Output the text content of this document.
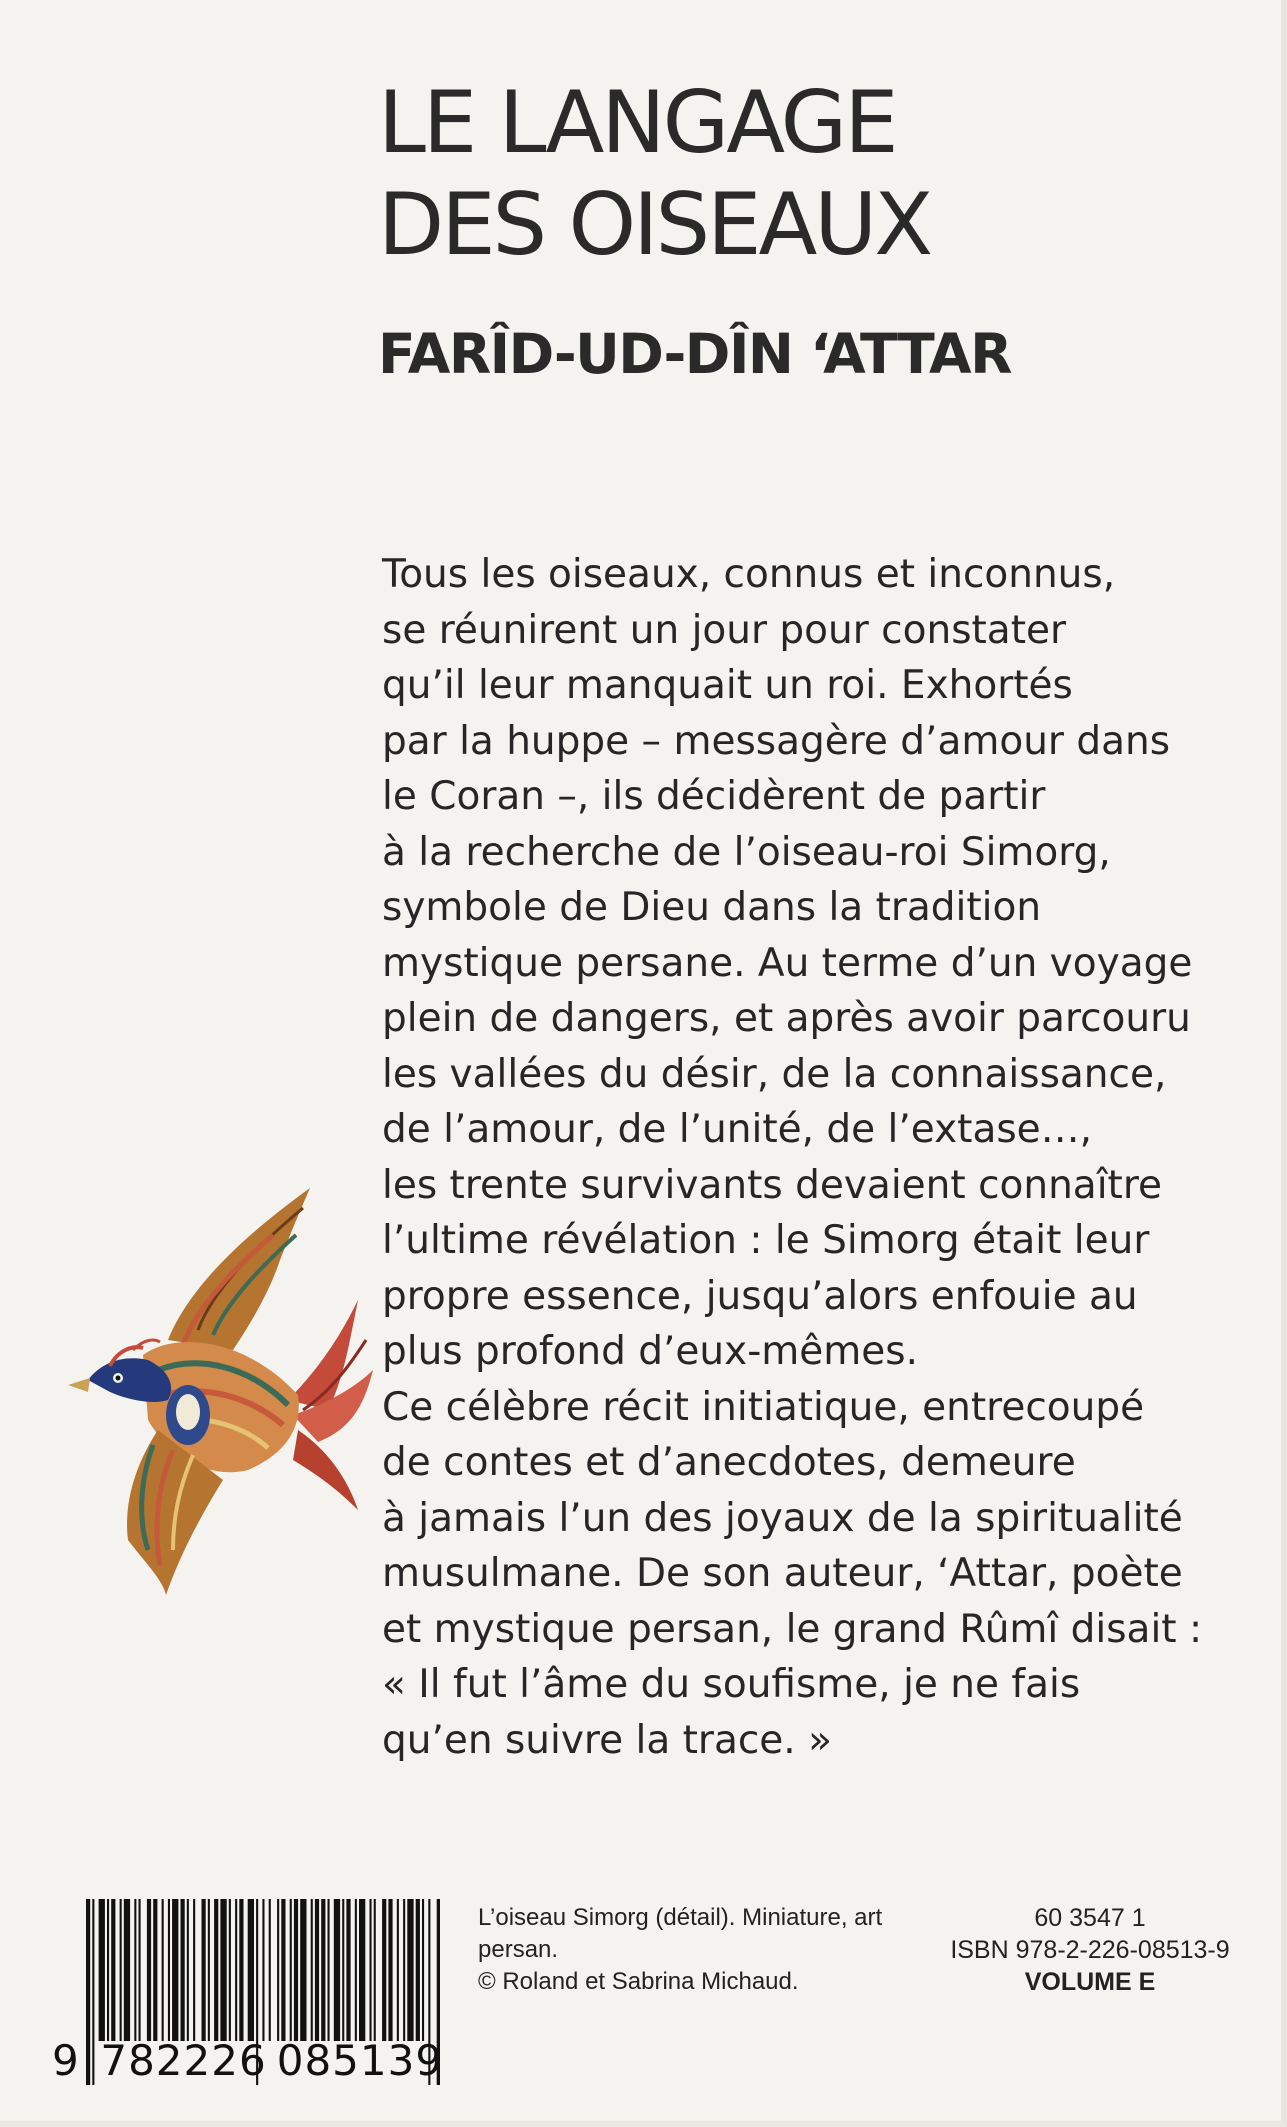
LE LANGAGE
DES OISEAUX
FARÎD-UD-DÎN ‘ATTAR
Tous les oiseaux, connus et inconnus,
se réunirent un jour pour constater
qu’il leur manquait un roi. Exhortés
par la huppe – messagère d’amour dans
le Coran –, ils décidèrent de partir
à la recherche de l’oiseau-roi Simorg,
symbole de Dieu dans la tradition
mystique persane. Au terme d’un voyage
plein de dangers, et après avoir parcouru
les vallées du désir, de la connaissance,
de l’amour, de l’unité, de l’extase…,
les trente survivants devaient connaître
l’ultime révélation : le Simorg était leur
propre essence, jusqu’alors enfouie au
plus profond d’eux-mêmes.
Ce célèbre récit initiatique, entrecoupé
de contes et d’anecdotes, demeure
à jamais l’un des joyaux de la spiritualité
musulmane. De son auteur, ‘Attar, poète
et mystique persan, le grand Rûmî disait :
« Il fut l’âme du soufisme, je ne fais
qu’en suivre la trace. »
9 782226 085139
L’oiseau Simorg (détail). Miniature, art
persan.
© Roland et Sabrina Michaud.
60 3547 1
ISBN 978-2-226-08513-9
VOLUME E
